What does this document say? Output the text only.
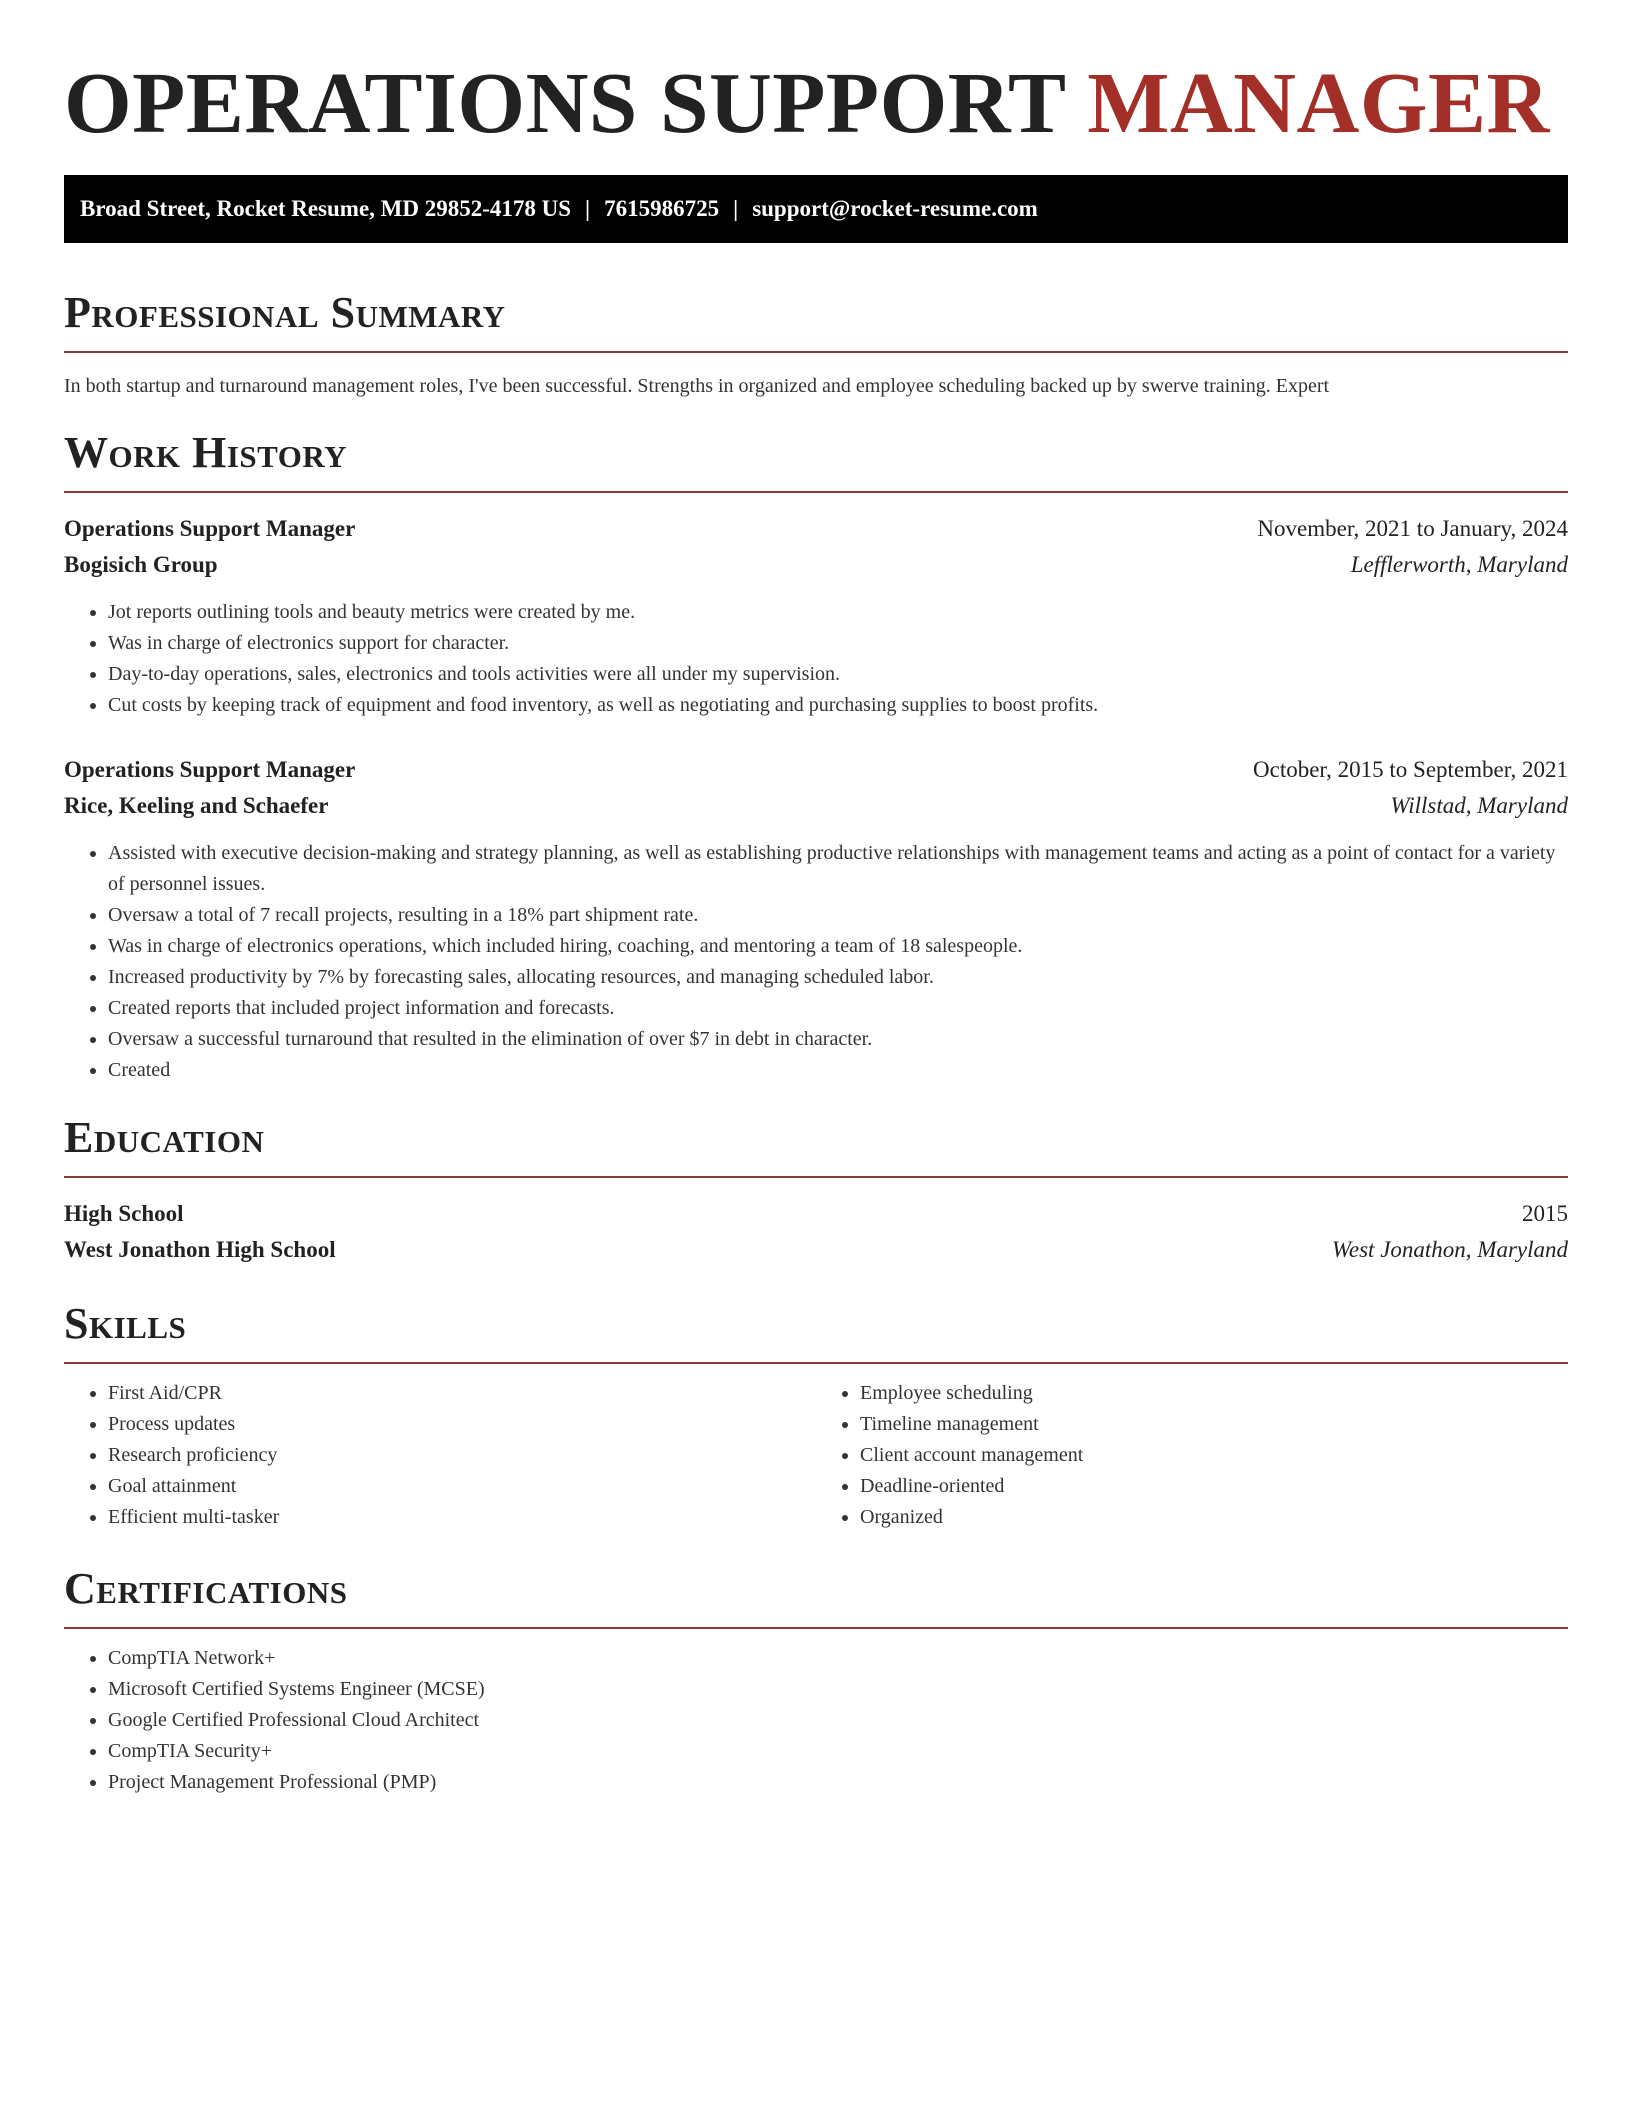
OPERATIONS SUPPORT MANAGER
Broad Street, Rocket Resume, MD 29852-4178 US | 7615986725 | support@rocket-resume.com
Professional Summary

In both startup and turnaround management roles, I've been successful. Strengths in organized and employee scheduling backed up by swerve training. Expert

Work History
Operations Support Manager	November, 2021 to January, 2024
Bogisich Group	Lefflerworth, Maryland
• Jot reports outlining tools and beauty metrics were created by me.
• Was in charge of electronics support for character.
• Day-to-day operations, sales, electronics and tools activities were all under my supervision.
• Cut costs by keeping track of equipment and food inventory, as well as negotiating and purchasing supplies to boost profits.
Operations Support Manager	October, 2015 to September, 2021
Rice, Keeling and Schaefer	Willstad, Maryland
• Assisted with executive decision-making and strategy planning, as well as establishing productive relationships with management teams and acting as a point of contact for a variety of personnel issues.
• Oversaw a total of 7 recall projects, resulting in a 18% part shipment rate.
• Was in charge of electronics operations, which included hiring, coaching, and mentoring a team of 18 salespeople.
• Increased productivity by 7% by forecasting sales, allocating resources, and managing scheduled labor.
• Created reports that included project information and forecasts.
• Oversaw a successful turnaround that resulted in the elimination of over $7 in debt in character.
• Created
Education
High School	2015
West Jonathon High School	West Jonathon, Maryland
Skills
• First Aid/CPR
• Process updates
• Research proficiency
• Goal attainment
• Efficient multi-tasker
• Employee scheduling
• Timeline management
• Client account management
• Deadline-oriented
• Organized
Certifications
• CompTIA Network+
• Microsoft Certified Systems Engineer (MCSE)
• Google Certified Professional Cloud Architect
• CompTIA Security+
• Project Management Professional (PMP)
